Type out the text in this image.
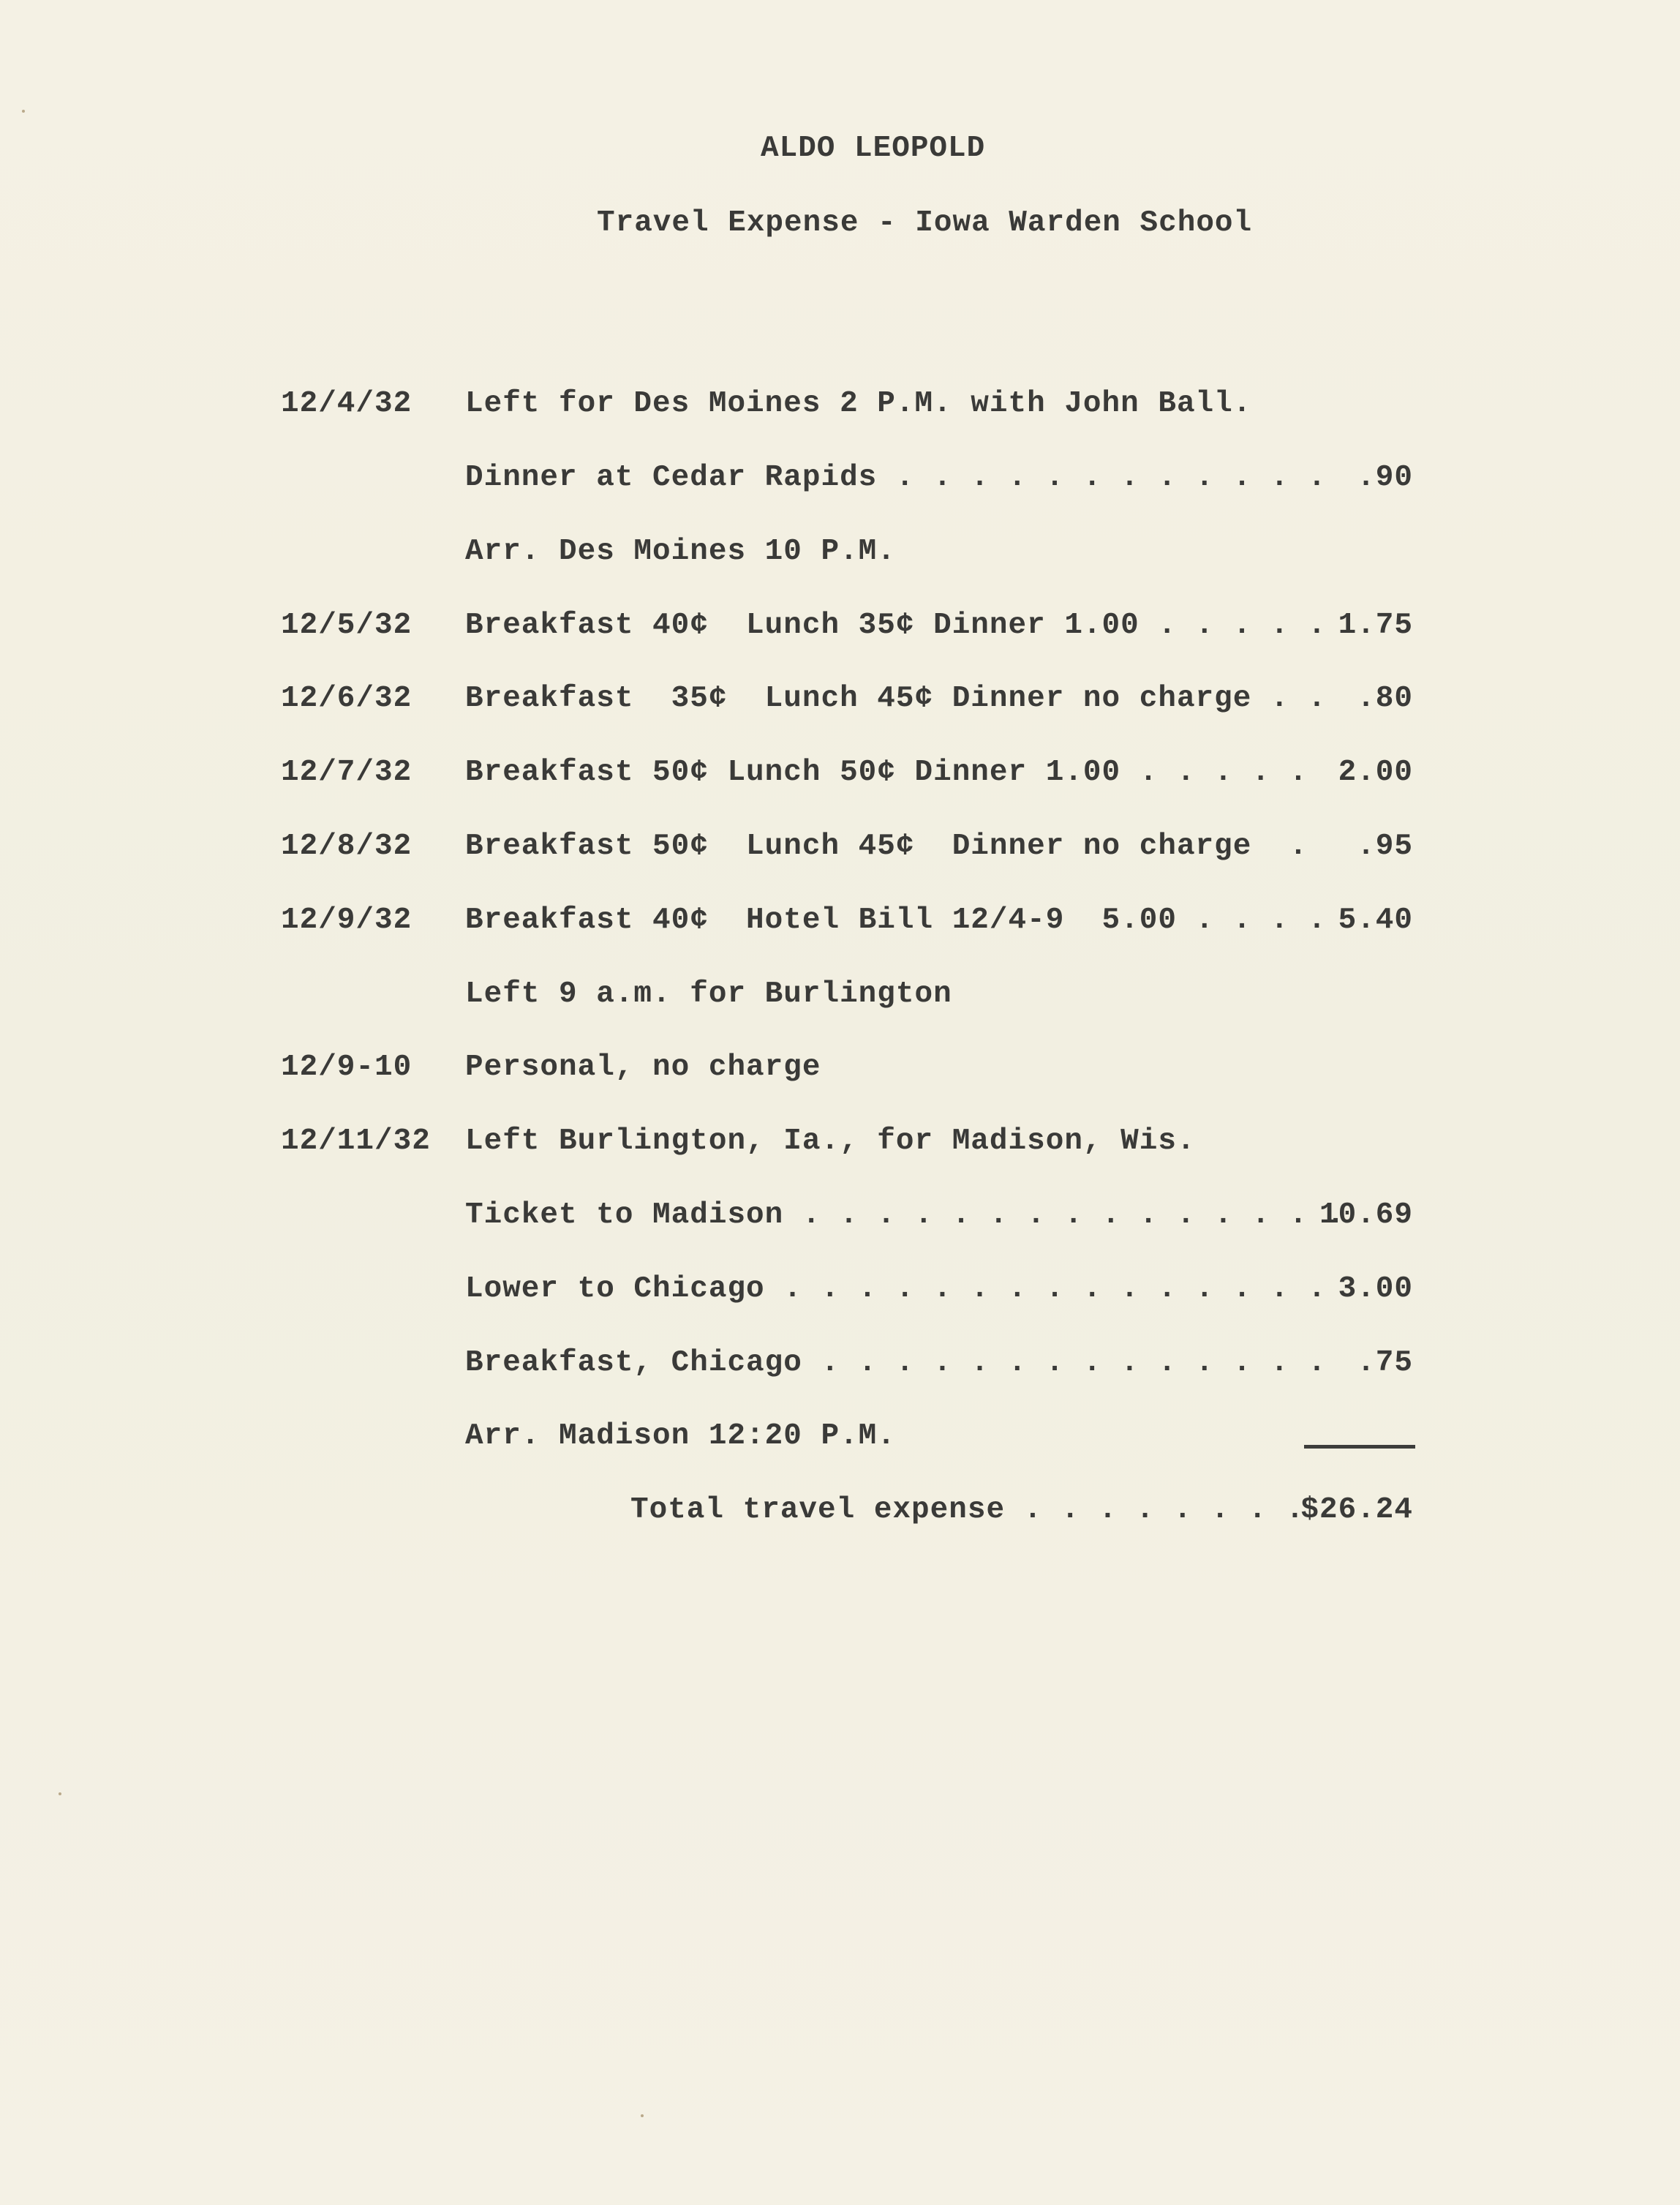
ALDO LEOPOLD
Travel Expense - Iowa Warden School
12/4/32 Left for Des Moines 2 P.M. with John Ball.
Dinner at Cedar Rapids . . . . . . . . . . . . .90
Arr. Des Moines 10 P.M.
12/5/32 Breakfast 40¢  Lunch 35¢ Dinner 1.00 . . . . . 1.75
12/6/32 Breakfast  35¢  Lunch 45¢ Dinner no charge . . .80
12/7/32 Breakfast 50¢ Lunch 50¢ Dinner 1.00 . . . . . 2.00
12/8/32 Breakfast 50¢  Lunch 45¢  Dinner no charge  . .95
12/9/32 Breakfast 40¢  Hotel Bill 12/4-9  5.00 . . . . 5.40
Left 9 a.m. for Burlington
12/9-10 Personal, no charge
12/11/32 Left Burlington, Ia., for Madison, Wis.
Ticket to Madison . . . . . . . . . . . . . . .
10.69
Lower to Chicago . . . . . . . . . . . . . . . 3.00
Breakfast, Chicago . . . . . . . . . . . . . . .75
Arr. Madison 12:20 P.M.
Total travel expense . . . . . . . .
$26.24
